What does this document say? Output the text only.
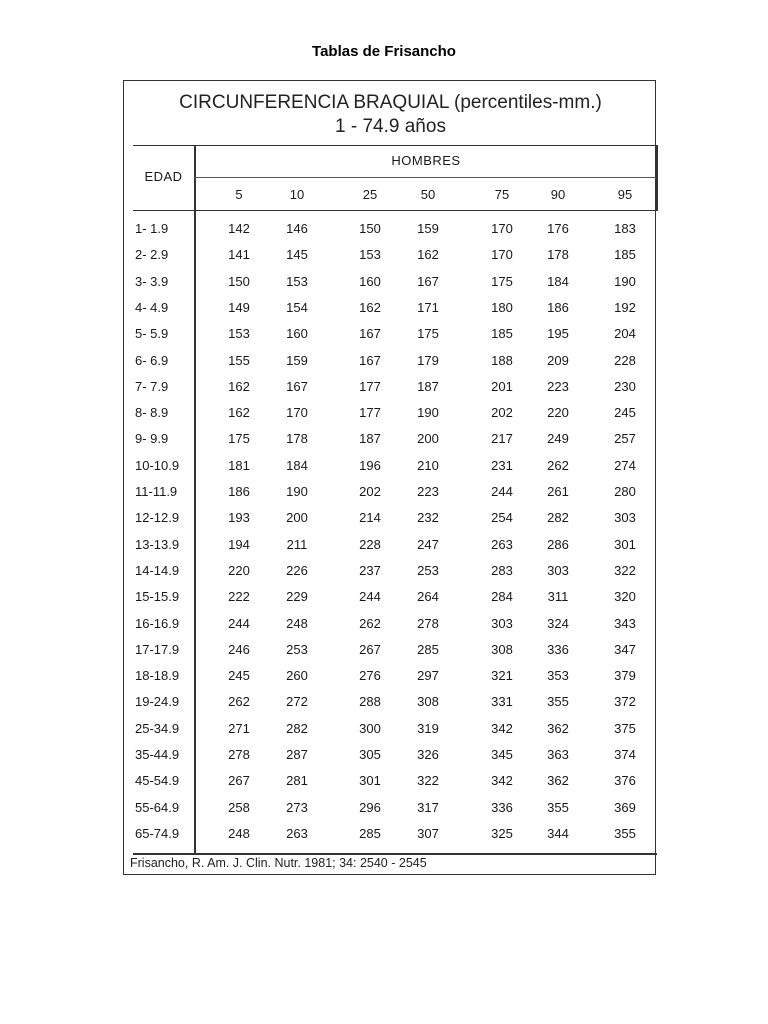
Tablas de Frisancho
CIRCUNFERENCIA BRAQUIAL (percentiles-mm.)
1 - 74.9 años
EDAD
HOMBRES
5	10	25	50	75	90	95
1- 1.9	142	146	150	159	170	176	183
2- 2.9	141	145	153	162	170	178	185
3- 3.9	150	153	160	167	175	184	190
4- 4.9	149	154	162	171	180	186	192
5- 5.9	153	160	167	175	185	195	204
6- 6.9	155	159	167	179	188	209	228
7- 7.9	162	167	177	187	201	223	230
8- 8.9	162	170	177	190	202	220	245
9- 9.9	175	178	187	200	217	249	257
10-10.9	181	184	196	210	231	262	274
11-11.9	186	190	202	223	244	261	280
12-12.9	193	200	214	232	254	282	303
13-13.9	194	211	228	247	263	286	301
14-14.9	220	226	237	253	283	303	322
15-15.9	222	229	244	264	284	311	320
16-16.9	244	248	262	278	303	324	343
17-17.9	246	253	267	285	308	336	347
18-18.9	245	260	276	297	321	353	379
19-24.9	262	272	288	308	331	355	372
25-34.9	271	282	300	319	342	362	375
35-44.9	278	287	305	326	345	363	374
45-54.9	267	281	301	322	342	362	376
55-64.9	258	273	296	317	336	355	369
65-74.9	248	263	285	307	325	344	355
Frisancho, R. Am. J. Clin. Nutr. 1981; 34: 2540 - 2545
